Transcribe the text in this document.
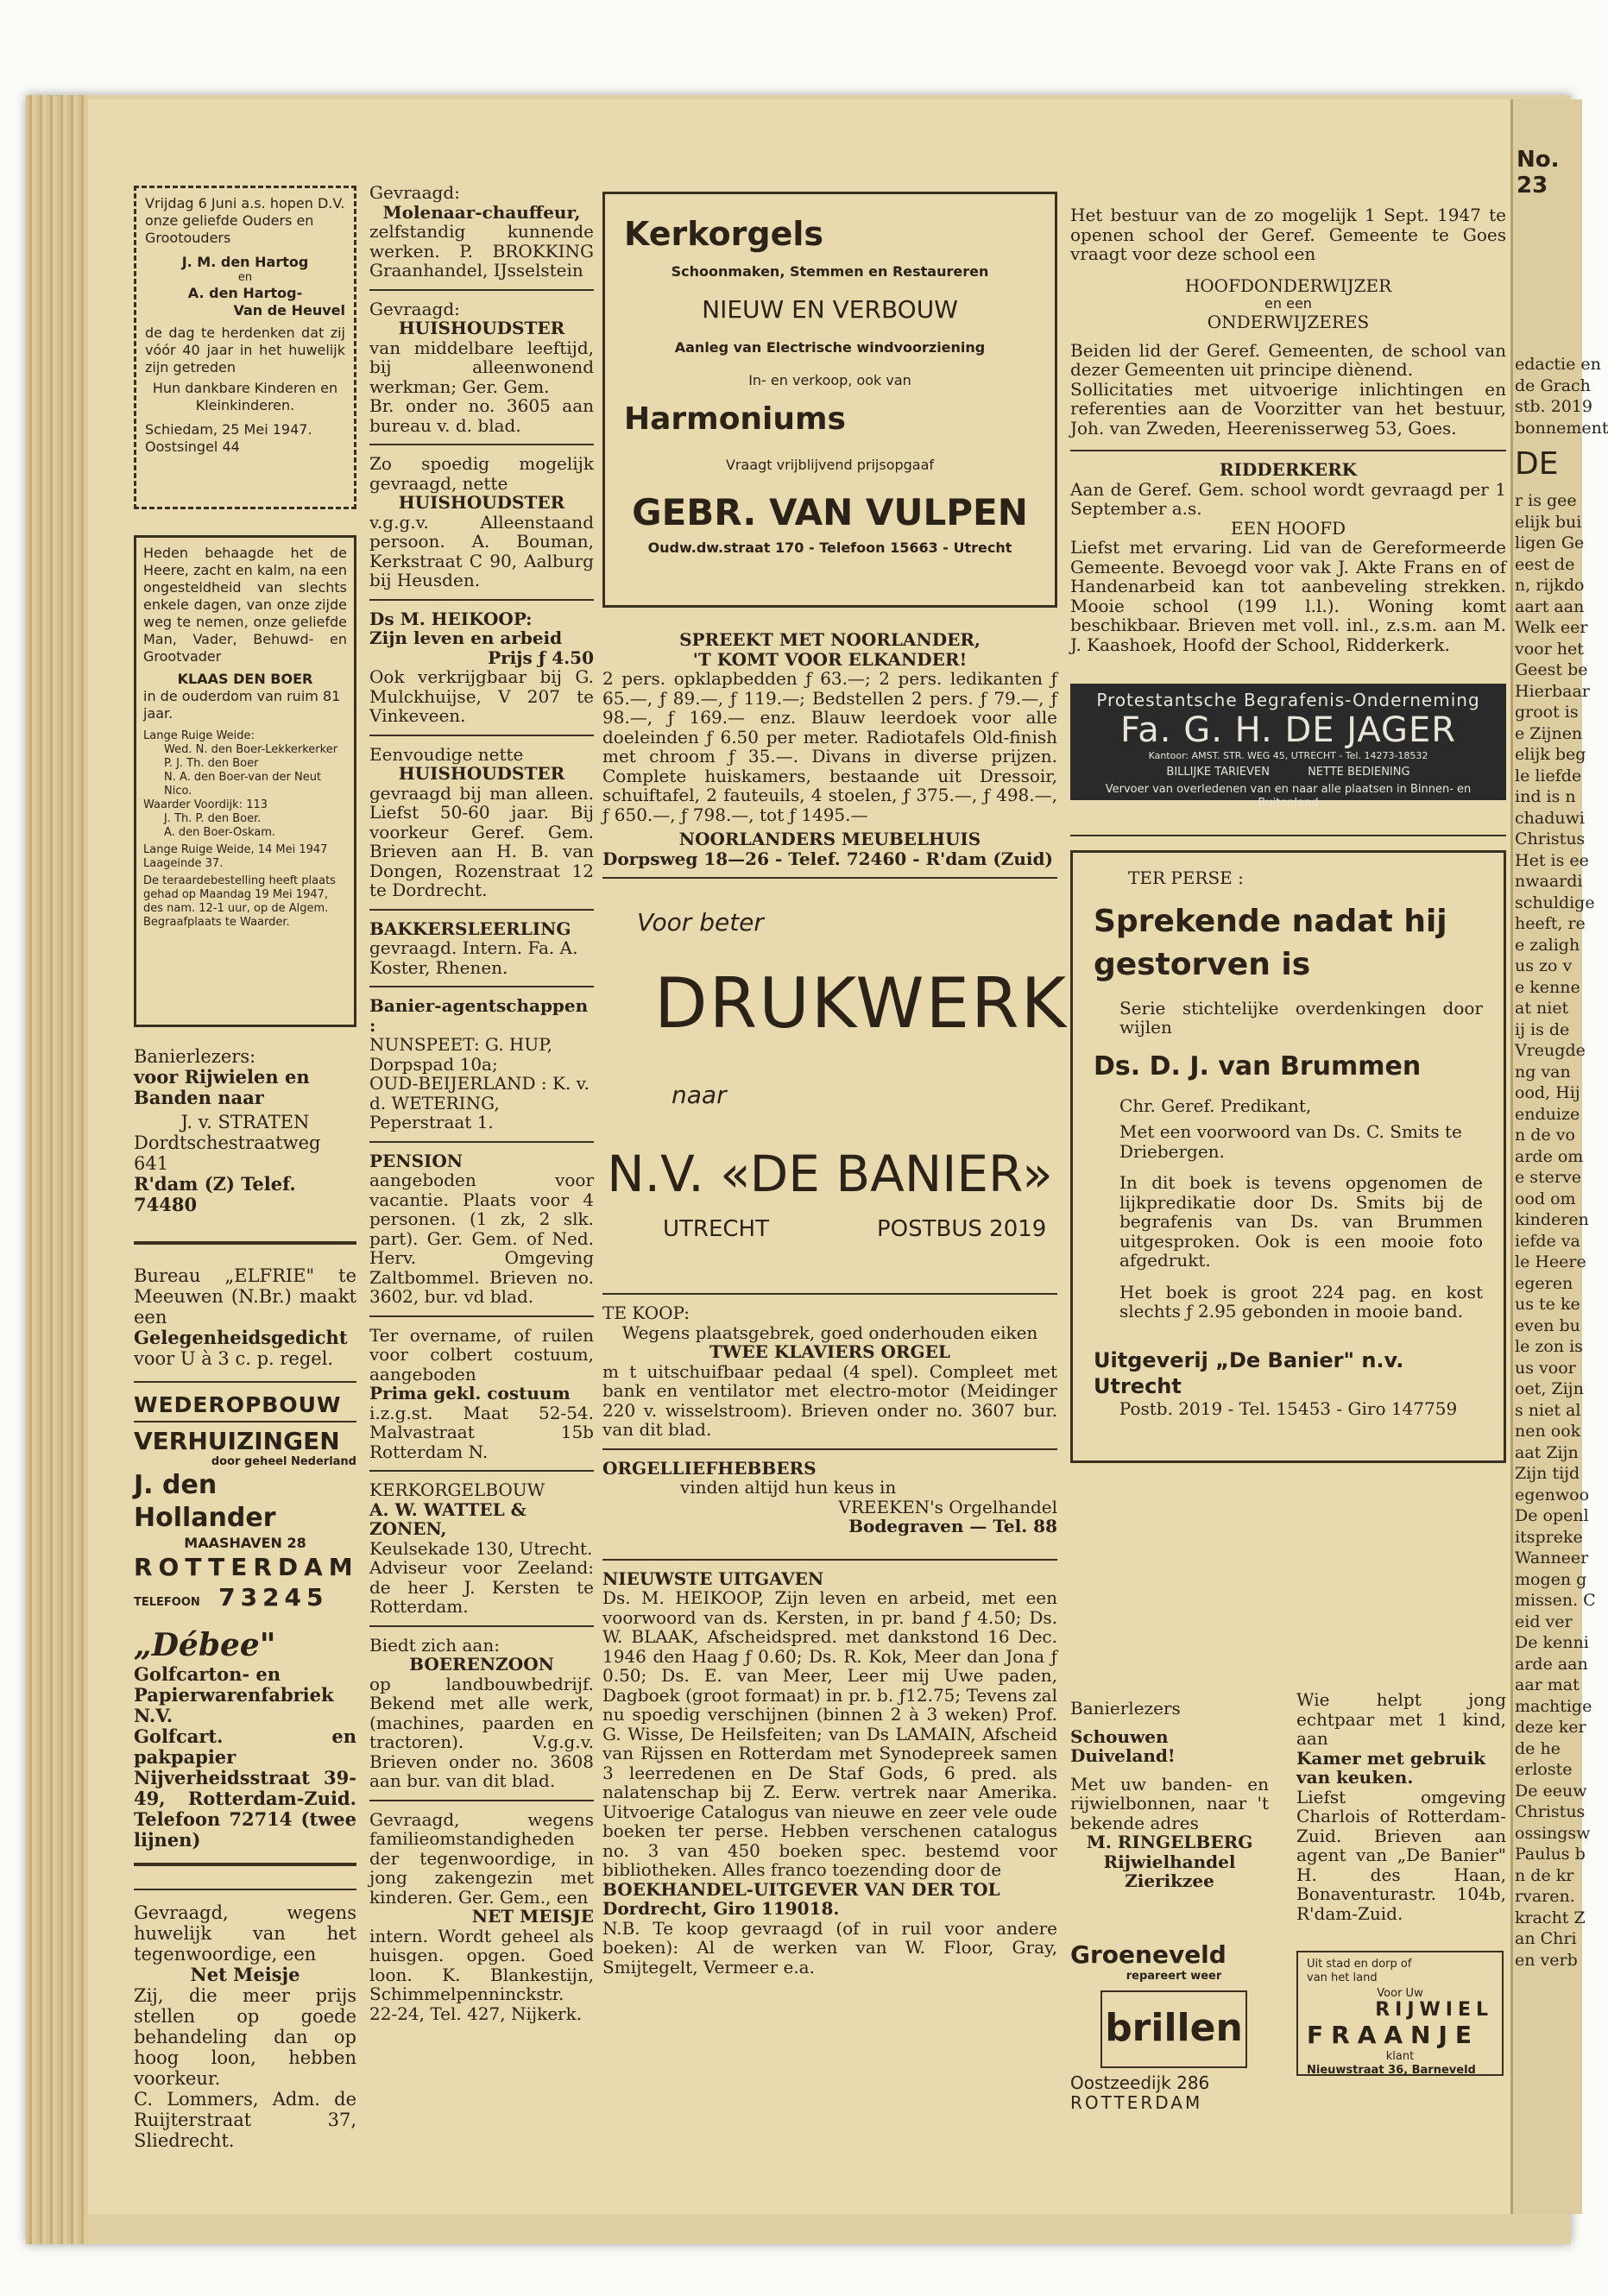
No. 23
edactie en
de Grach
stb. 2019
bonnement
DE
r is gee
elijk bui
ligen Ge
eest de
n, rijkdo
aart aan
Welk eer
voor het
Geest be
Hierbaar
groot is
e Zijnen
elijk beg
le liefde
ind is n
chaduwi
Christus
Het is ee
nwaardi
schuldige
heeft, re
e zaligh
us zo v
e kenne
at niet
ij is de
Vreugde
ng van
ood, Hij
enduize
n de vo
arde om
e sterve
ood om
kinderen
iefde va
le Heere
egeren
us te ke
even bu
le zon is
us voor
oet, Zijn
s niet al
nen ook
aat Zijn
Zijn tijd
egenwoo
De openl
itspreke
Wanneer
mogen g
missen. C
eid ver
De kenni
arde aan
aar mat
machtige
deze ker
de he
erloste
De eeuw
Christus
ossingsw
Paulus b
n de kr
rvaren.
kracht Z
an Chri
en verb

Vrijdag 6 Juni a.s. hopen D.V. onze geliefde Ouders en Grootouders

J. M. den Hartog

en

A. den Hartog-

Van de Heuvel

de dag te herdenken dat zij vóór 40 jaar in het huwelijk zijn getreden

Hun dankbare Kinderen en Kleinkinderen.

Schiedam, 25 Mei 1947.

Oostsingel 44

Heden behaagde het de Heere, zacht en kalm, na een ongesteldheid van slechts enkele dagen, van onze zijde weg te nemen, onze geliefde Man, Vader, Behuwd- en Grootvader

KLAAS DEN BOER

in de ouderdom van ruim 81 jaar.

Lange Ruige Weide:

Wed. N. den Boer-Lekkerkerker

P. J. Th. den Boer

N. A. den Boer-van der Neut

Nico.

Waarder Voordijk: 113

J. Th. P. den Boer.

A. den Boer-Oskam.

Lange Ruige Weide, 14 Mei 1947 Laageinde 37.

De teraardebestelling heeft plaats gehad op Maandag 19 Mei 1947, des nam. 12-1 uur, op de Algem. Begraafplaats te Waarder.

Banierlezers:

voor Rijwielen en Banden naar

J. v. STRATEN

Dordtschestraatweg 641

R'dam (Z) Telef. 74480

Bureau „ELFRIE" te Meeuwen (N.Br.) maakt een

Gelegenheidsgedicht

voor U à 3 c. p. regel.

WEDEROPBOUW

VERHUIZINGEN

door geheel Nederland

J. den Hollander

MAASHAVEN 28

ROTTERDAM

TELEFOON 73245

„Débee"

Golfcarton- en Papierwarenfabriek N.V.

Golfcart. en pakpapier Nijverheidsstraat 39-49, Rotterdam-Zuid. Telefoon 72714 (twee lijnen)

Gevraagd, wegens huwelijk van het tegenwoordige, een

Net Meisje

Zij, die meer prijs stellen op goede behandeling dan op hoog loon, hebben voorkeur.

C. Lommers, Adm. de Ruijterstraat 37, Sliedrecht.

Gevraagd:

Molenaar-chauffeur,

zelfstandig kunnende werken. P. BROKKING Graanhandel, IJsselstein

Gevraagd:

HUISHOUDSTER

van middelbare leeftijd, bij alleenwonend werkman; Ger. Gem.

Br. onder no. 3605 aan bureau v. d. blad.

Zo spoedig mogelijk gevraagd, nette

HUISHOUDSTER

v.g.g.v. Alleenstaand persoon. A. Bouman, Kerkstraat C 90, Aalburg bij Heusden.

Ds M. HEIKOOP:

Zijn leven en arbeid

Prijs ƒ 4.50

Ook verkrijgbaar bij G. Mulckhuijse, V 207 te Vinkeveen.

Eenvoudige nette

HUISHOUDSTER

gevraagd bij man alleen. Liefst 50-60 jaar. Bij voorkeur Geref. Gem. Brieven aan H. B. van Dongen, Rozenstraat 12 te Dordrecht.

BAKKERSLEERLING

gevraagd. Intern. Fa. A. Koster, Rhenen.

Banier-agentschappen :

NUNSPEET: G. HUP, Dorpspad 10a;

OUD-BEIJERLAND : K. v. d. WETERING, Peperstraat 1.

PENSION

aangeboden voor vacantie. Plaats voor 4 personen. (1 zk, 2 slk. part). Ger. Gem. of Ned. Herv. Omgeving Zaltbommel. Brieven no. 3602, bur. vd blad.

Ter overname, of ruilen voor colbert costuum, aangeboden

Prima gekl. costuum

i.z.g.st. Maat 52-54. Malvastraat 15b Rotterdam N.

KERKORGELBOUW

A. W. WATTEL & ZONEN,

Keulsekade 130, Utrecht.

Adviseur voor Zeeland: de heer J. Kersten te Rotterdam.

Biedt zich aan:

BOERENZOON

op landbouwbedrijf. Bekend met alle werk, (machines, paarden en tractoren). V.g.g.v. Brieven onder no. 3608 aan bur. van dit blad.

Gevraagd, wegens familieomstandigheden der tegenwoordige, in jong zakengezin met kinderen. Ger. Gem., een

NET MEISJE

intern. Wordt geheel als huisgen. opgen. Goed loon. K. Blankestijn, Schimmelpenninckstr. 22-24, Tel. 427, Nijkerk.

Kerkorgels

Schoonmaken, Stemmen en Restaureren

NIEUW EN VERBOUW

Aanleg van Electrische windvoorziening

In- en verkoop, ook van

Harmoniums

Vraagt vrijblijvend prijsopgaaf

GEBR. VAN VULPEN

Oudw.dw.straat 170 - Telefoon 15663 - Utrecht

SPREEKT MET NOORLANDER,

'T KOMT VOOR ELKANDER!

2 pers. opklapbedden ƒ 63.—; 2 pers. ledikanten ƒ 65.—, ƒ 89.—, ƒ 119.—; Bedstellen 2 pers. ƒ 79.—, ƒ 98.—, ƒ 169.— enz. Blauw leerdoek voor alle doeleinden ƒ 6.50 per meter. Radiotafels Old-finish met chroom ƒ 35.—. Divans in diverse prijzen. Complete huiskamers, bestaande uit Dressoir, schuiftafel, 2 fauteuils, 4 stoelen, ƒ 375.—, ƒ 498.—, ƒ 650.—, ƒ 798.—, tot ƒ 1495.—

NOORLANDERS MEUBELHUIS

Dorpsweg 18—26 - Telef. 72460 - R'dam (Zuid)

Voor beter

DRUKWERK

naar

N.V. «DE BANIER»

UTRECHT	POSTBUS 2019

TE KOOP:

Wegens plaatsgebrek, goed onderhouden eiken

TWEE KLAVIERS ORGEL

m t uitschuifbaar pedaal (4 spel). Compleet met bank en ventilator met electro-motor (Meidinger 220 v. wisselstroom). Brieven onder no. 3607 bur. van dit blad.

ORGELLIEFHEBBERS

vinden altijd hun keus in

VREEKEN's Orgelhandel

Bodegraven — Tel. 88

NIEUWSTE UITGAVEN

Ds. M. HEIKOOP, Zijn leven en arbeid, met een voorwoord van ds. Kersten, in pr. band ƒ 4.50; Ds. W. BLAAK, Afscheidspred. met dankstond 16 Dec. 1946 den Haag ƒ 0.60; Ds. R. Kok, Meer dan Jona ƒ 0.50; Ds. E. van Meer, Leer mij Uwe paden, Dagboek (groot formaat) in pr. b. ƒ12.75; Tevens zal nu spoedig verschijnen (binnen 2 à 3 weken) Prof. G. Wisse, De Heilsfeiten; van Ds LAMAIN, Afscheid van Rijssen en Rotterdam met Synodepreek samen 3 leerredenen en De Staf Gods, 6 pred. als nalatenschap bij Z. Eerw. vertrek naar Amerika. Uitvoerige Catalogus van nieuwe en zeer vele oude boeken ter perse. Hebben verschenen catalogus no. 3 van 450 boeken spec. bestemd voor bibliotheken. Alles franco toezending door de

BOEKHANDEL-UITGEVER VAN DER TOL

Dordrecht, Giro 119018.

N.B. Te koop gevraagd (of in ruil voor andere boeken): Al de werken van W. Floor, Gray, Smijtegelt, Vermeer e.a.

Het bestuur van de zo mogelijk 1 Sept. 1947 te openen school der Geref. Gemeente te Goes vraagt voor deze school een

HOOFDONDERWIJZER

en een

ONDERWIJZERES

Beiden lid der Geref. Gemeenten, de school van dezer Gemeenten uit principe diènend.

Sollicitaties met uitvoerige inlichtingen en referenties aan de Voorzitter van het bestuur, Joh. van Zweden, Heerenisserweg 53, Goes.

RIDDERKERK

Aan de Geref. Gem. school wordt gevraagd per 1 September a.s.

EEN HOOFD

Liefst met ervaring. Lid van de Gereformeerde Gemeente. Bevoegd voor vak J. Akte Frans en of Handenarbeid kan tot aanbeveling strekken. Mooie school (199 l.l.). Woning komt beschikbaar. Brieven met voll. inl., z.s.m. aan M. J. Kaashoek, Hoofd der School, Ridderkerk.

Protestantsche Begrafenis-Onderneming

Fa. G. H. DE JAGER

Kantoor: AMST. STR. WEG 45, UTRECHT - Tel. 14273-18532

BILLIJKE TARIEVEN	NETTE BEDIENING

Vervoer van overledenen van en naar alle plaatsen in Binnen- en Buitenland

TER PERSE :

Sprekende nadat hij gestorven is

Serie stichtelijke overdenkingen door wijlen

Ds. D. J. van Brummen

Chr. Geref. Predikant,

Met een voorwoord van Ds. C. Smits te Driebergen.

In dit boek is tevens opgenomen de lijkpredikatie door Ds. Smits bij de begrafenis van Ds. van Brummen uitgesproken. Ook is een mooie foto afgedrukt.

Het boek is groot 224 pag. en kost slechts ƒ 2.95 gebonden in mooie band.

Uitgeverij „De Banier" n.v. Utrecht

Postb. 2019 - Tel. 15453 - Giro 147759

Banierlezers

Schouwen Duiveland!

Met uw banden- en rijwielbonnen, naar 't bekende adres

M. RINGELBERG

Rijwielhandel

Zierikzee

Wie helpt jong echtpaar met 1 kind, aan

Kamer met gebruik van keuken.

Liefst omgeving Charlois of Rotterdam-Zuid. Brieven aan agent van „De Banier" H. des Haan, Bonaventurastr. 104b, R'dam-Zuid.

Groeneveld

repareert weer

brillen

Oostzeedijk 286

ROTTERDAM

Uit stad en dorp of van het land

Voor Uw

RIJWIEL

FRAANJE

klant

Nieuwstraat 36, Barneveld
